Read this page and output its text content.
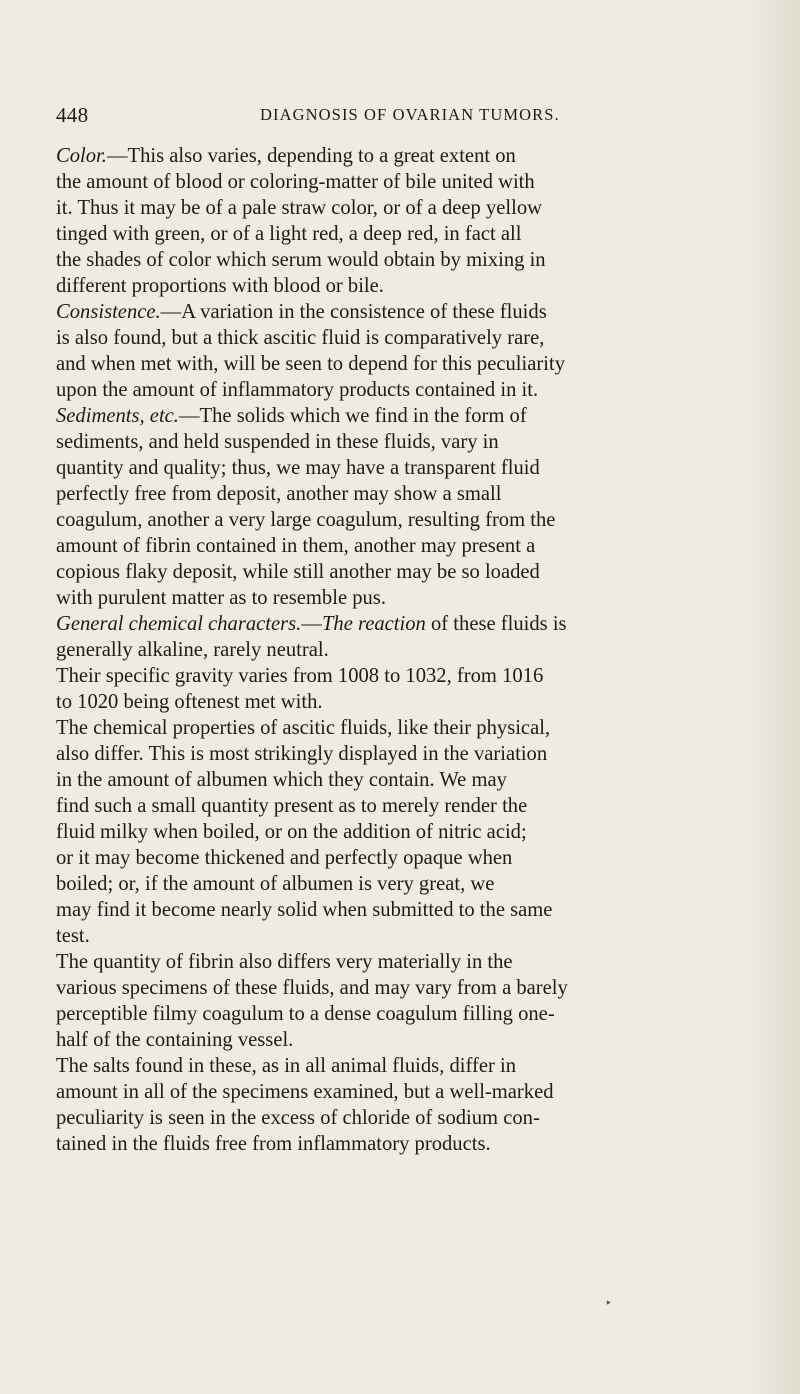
448	DIAGNOSIS OF OVARIAN TUMORS.

Color.—This also varies, depending to a great extent on
the amount of blood or coloring-matter of bile united with
it. Thus it may be of a pale straw color, or of a deep yellow
tinged with green, or of a light red, a deep red, in fact all
the shades of color which serum would obtain by mixing in
different proportions with blood or bile.

Consistence.—A variation in the consistence of these fluids
is also found, but a thick ascitic fluid is comparatively rare,
and when met with, will be seen to depend for this peculiarity
upon the amount of inflammatory products contained in it.

Sediments, etc.—The solids which we find in the form of
sediments, and held suspended in these fluids, vary in
quantity and quality; thus, we may have a transparent fluid
perfectly free from deposit, another may show a small
coagulum, another a very large coagulum, resulting from the
amount of fibrin contained in them, another may present a
copious flaky deposit, while still another may be so loaded
with purulent matter as to resemble pus.

General chemical characters.—The reaction of these fluids is
generally alkaline, rarely neutral.

Their specific gravity varies from 1008 to 1032, from 1016
to 1020 being oftenest met with.

The chemical properties of ascitic fluids, like their physical,
also differ. This is most strikingly displayed in the variation
in the amount of albumen which they contain. We may
find such a small quantity present as to merely render the
fluid milky when boiled, or on the addition of nitric acid;
or it may become thickened and perfectly opaque when
boiled; or, if the amount of albumen is very great, we
may find it become nearly solid when submitted to the same
test.

The quantity of fibrin also differs very materially in the
various specimens of these fluids, and may vary from a barely
perceptible filmy coagulum to a dense coagulum filling one-
half of the containing vessel.

The salts found in these, as in all animal fluids, differ in
amount in all of the specimens examined, but a well-marked
peculiarity is seen in the excess of chloride of sodium con-
tained in the fluids free from inflammatory products.

‣
